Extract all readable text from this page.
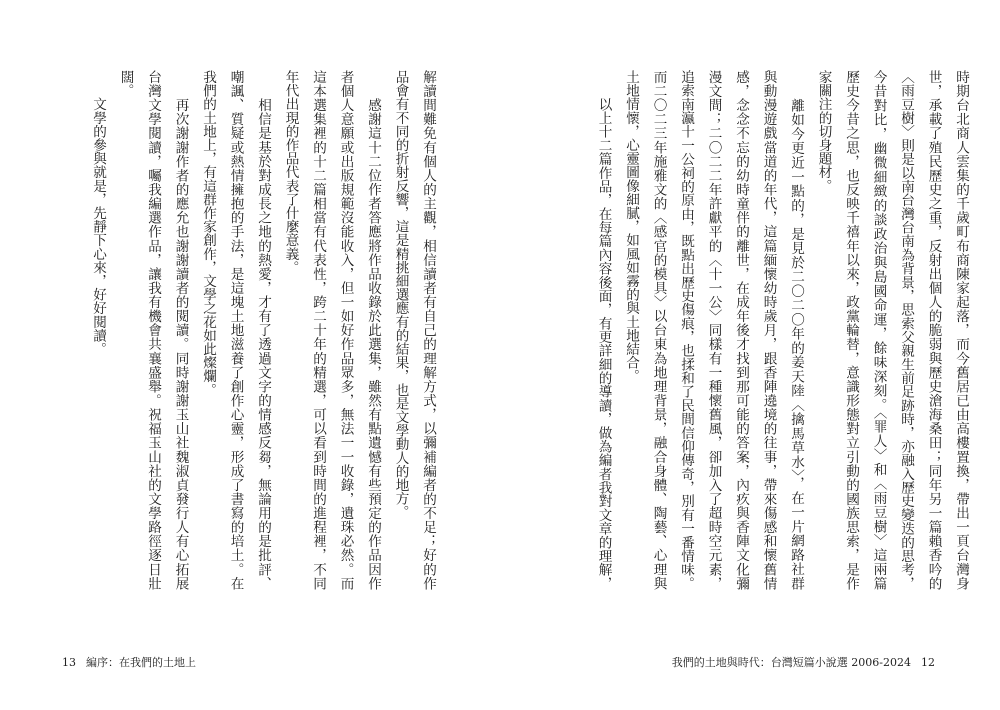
解讀間難免有個人的主觀，相信讀者有自己的理解方式，以彌補編者的不足；好的作
品會有不同的折射反響，這是精挑細選應有的結果，也是文學動人的地方。
　　感謝這十二位作者答應將作品收錄於此選集，雖然有點遺憾有些預定的作品因作
者個人意願或出版規範沒能收入，但一如好作品眾多，無法一一收錄，遺珠必然。而
這本選集裡的十二篇相當有代表性，跨二十年的精選，可以看到時間的進程裡，不同
年代出現的作品代表了什麼意義。
　　相信是基於對成長之地的熱愛，才有了透過文字的情感反芻，無論用的是批評、
嘲諷、質疑或熱情擁抱的手法，是這塊土地滋養了創作心靈，形成了書寫的培土。在
我們的土地上，有這群作家創作，文學之花如此燦爛。
　　再次謝謝作者的應允也謝謝讀者的閱讀。同時謝謝玉山社魏淑貞發行人有心拓展
台灣文學閱讀，囑我編選作品，讓我有機會共襄盛舉。祝福玉山社的文學路徑逐日壯
闊。
　　文學的參與就是，先靜下心來，好好閱讀。
13 編序：在我們的土地上
時期台北商人雲集的千歲町布商陳家起落，而今舊居已由高樓置換，帶出一頁台灣身
世，承載了殖民歷史之重，反射出個人的脆弱與歷史滄海桑田；同年另一篇賴香吟的
〈雨豆樹〉則是以南台灣台南為背景，思索父親生前足跡時，亦融入歷史變迭的思考，
今昔對比，幽微細緻的談政治與島國命運，餘味深刻。〈罪人〉和〈雨豆樹〉這兩篇
歷史今昔之思，也反映千禧年以來，政黨輪替，意識形態對立引動的國族思索，是作
家關注的切身題材。
　　離如今更近一點的，是見於二〇二〇年的姜天陸〈擒馬草水〉，在一片網路社群
與動漫遊戲當道的年代，這篇緬懷幼時歲月，跟香陣遶境的往事，帶來傷感和懷舊情
感，念念不忘的幼時童伴的離世，在成年後才找到那可能的答案，內疚與香陣文化彌
漫文間；二〇二二年許獻平的〈十一公〉同樣有一種懷舊風，卻加入了超時空元素，
追索南瀛十一公祠的原由，既點出歷史傷痕，也揉和了民間信仰傳奇，別有一番情味。
而二〇二三年施雅文的〈感官的模具〉以台東為地理背景，融合身體、陶藝、心理與
土地情懷，心靈圖像細膩，如風如霧的與土地結合。
　　以上十二篇作品，在每篇內容後面，有更詳細的導讀，做為編者我對文章的理解，
我們的土地與時代：台灣短篇小說選 2006-2024 12
